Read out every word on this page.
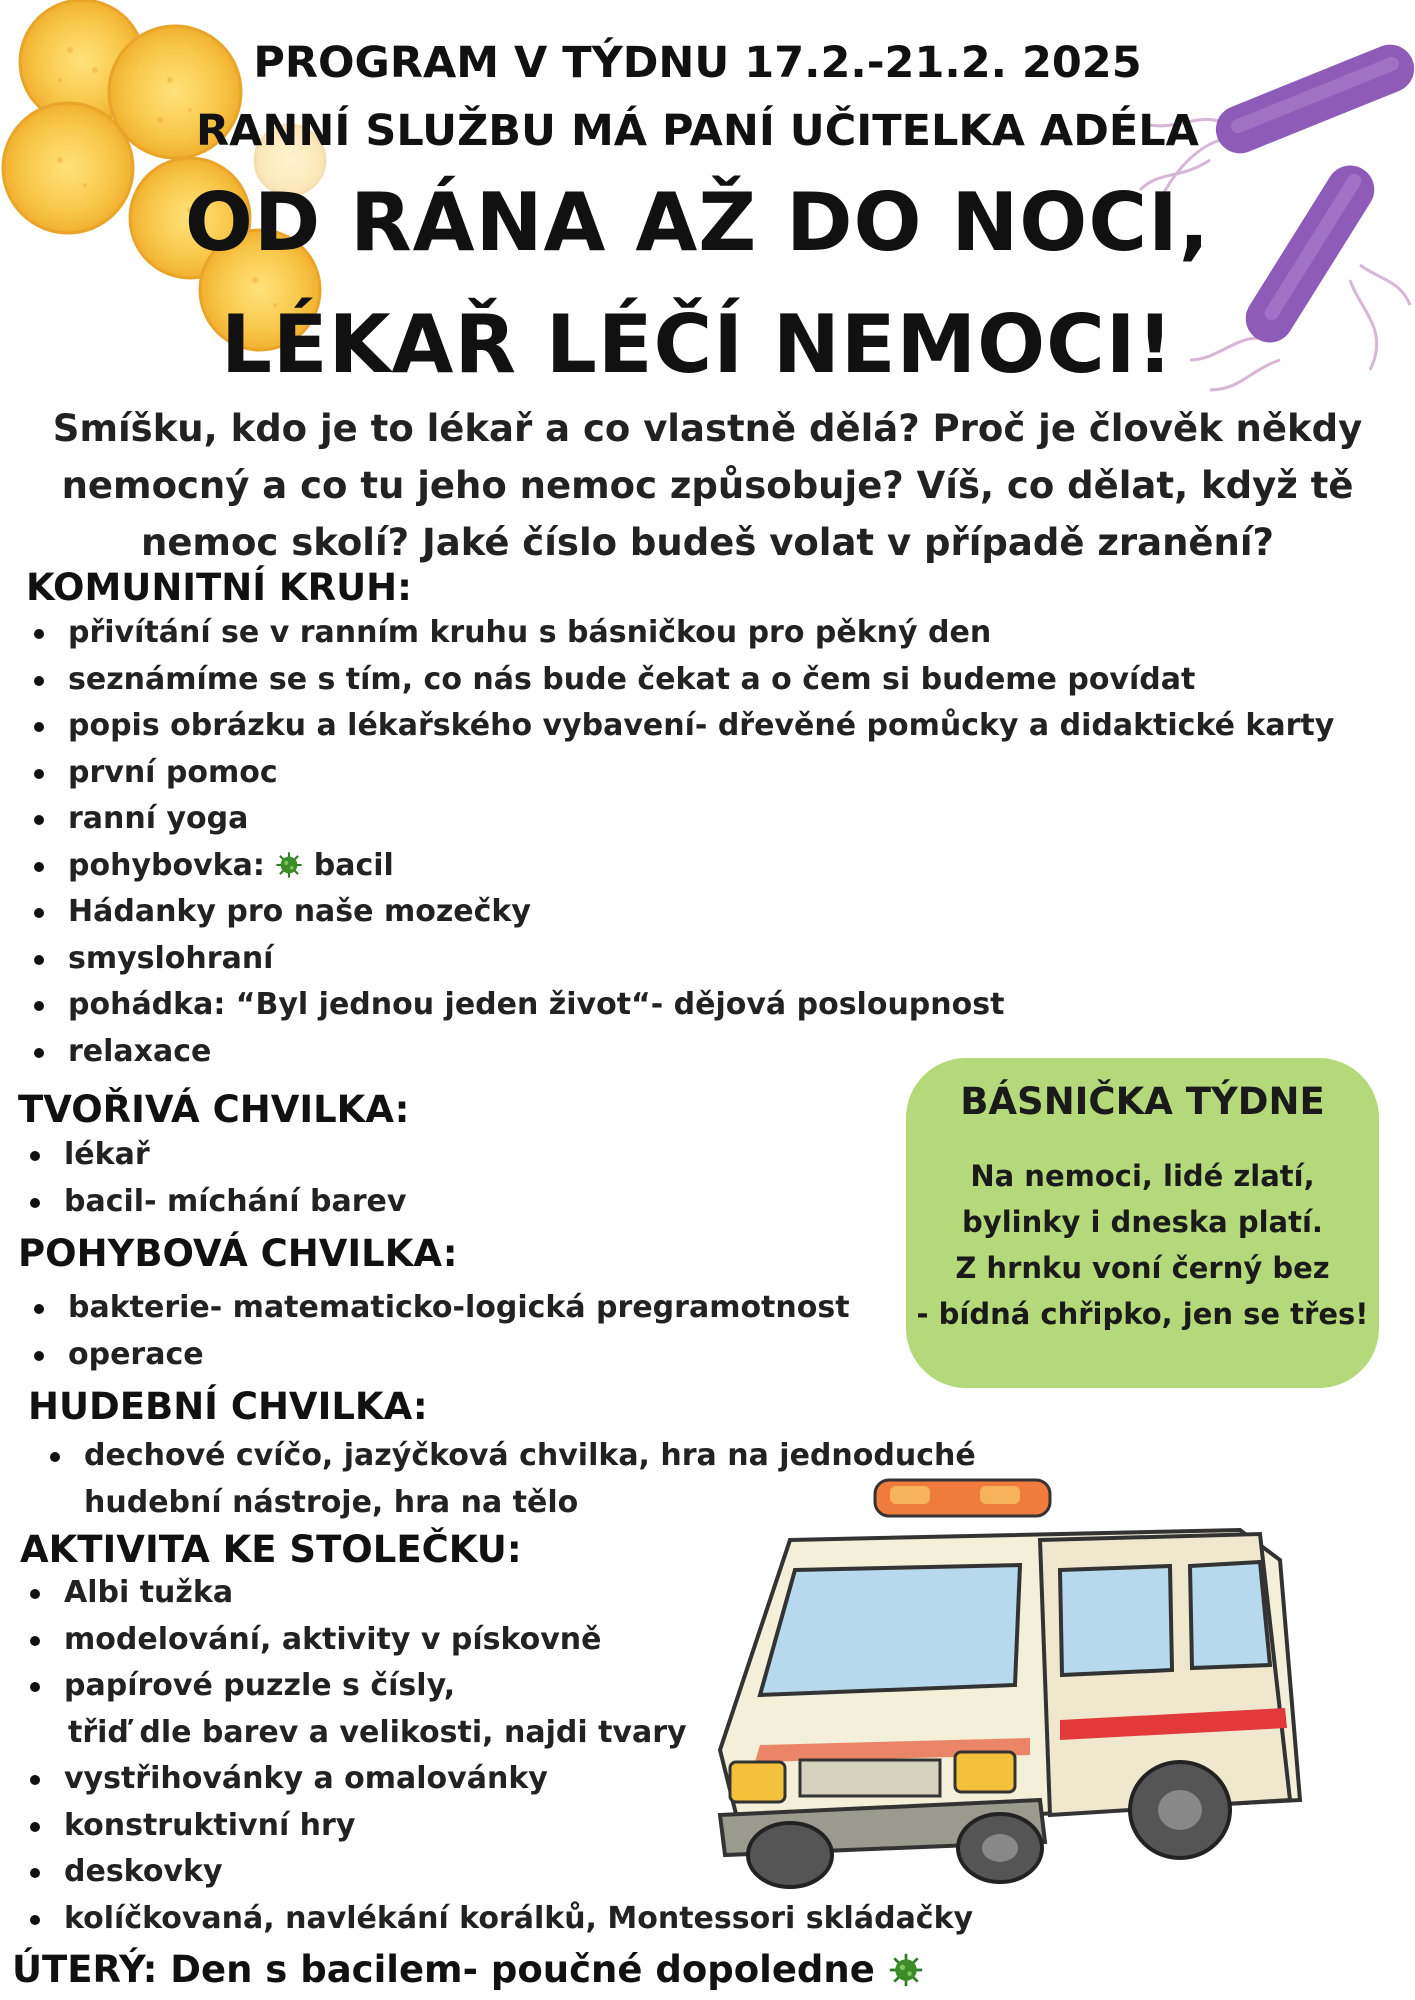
PROGRAM V TÝDNU 17.2.-21.2. 2025
RANNÍ SLUŽBU MÁ PANÍ UČITELKA ADÉLA
OD RÁNA AŽ DO NOCI,
LÉKAŘ LÉČÍ NEMOCI!
Smíšku, kdo je to lékař a co vlastně dělá? Proč je člověk někdy
nemocný a co tu jeho nemoc způsobuje? Víš, co dělat, když tě
nemoc skolí? Jaké číslo budeš volat v případě zranění?
KOMUNITNÍ KRUH:
přivítání se v ranním kruhu s básničkou pro pěkný den
seznámíme se s tím, co nás bude čekat a o čem si budeme povídat
popis obrázku a lékařského vybavení- dřevěné pomůcky a didaktické karty
první pomoc
ranní yoga
pohybovka: bacil
Hádanky pro naše mozečky
smyslohraní
pohádka: “Byl jednou jeden život“- dějová posloupnost
relaxace
TVOŘIVÁ CHVILKA:
lékař
bacil- míchání barev
POHYBOVÁ CHVILKA:
bakterie- matematicko-logická pregramotnost
operace
HUDEBNÍ CHVILKA:
dechové cvíčo, jazýčková chvilka, hra na jednoduché
hudební nástroje, hra na tělo
AKTIVITA KE STOLEČKU:
Albi tužka
modelování, aktivity v pískovně
papírové puzzle s čísly,
třiď dle barev a velikosti, najdi tvary
vystřihovánky a omalovánky
konstruktivní hry
deskovky
kolíčkovaná, navlékání korálků, Montessori skládačky
BÁSNIČKA TÝDNE
Na nemoci, lidé zlatí,
bylinky i dneska platí.
Z hrnku voní černý bez
- bídná chřipko, jen se třes!
ÚTERÝ: Den s bacilem- poučné dopoledne
